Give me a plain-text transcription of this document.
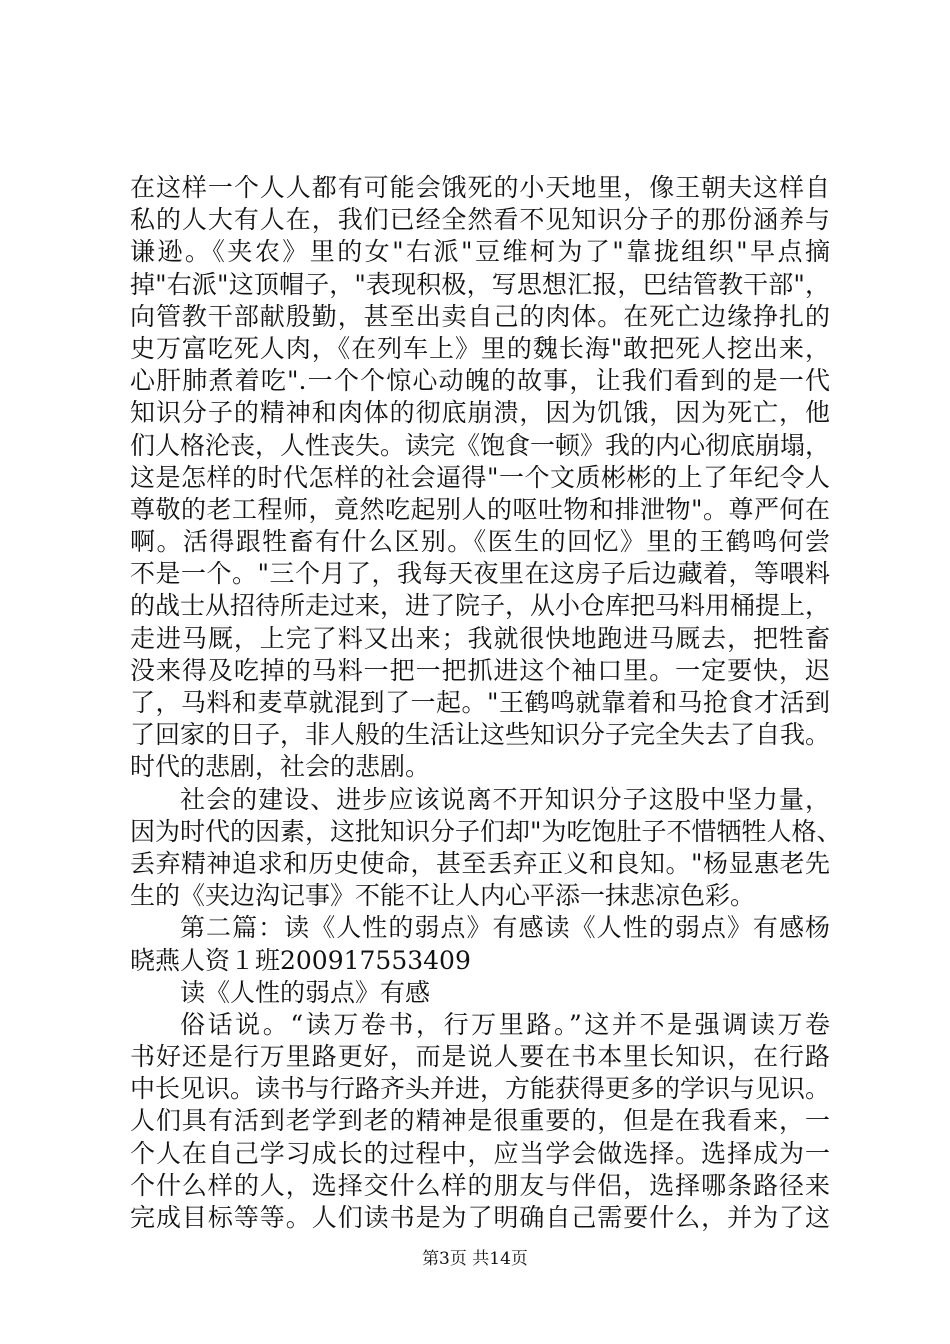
在这样一个人人都有可能会饿死的小天地里，像王朝夫这样自
私的人大有人在，我们已经全然看不见知识分子的那份涵养与
谦逊。《夹农》里的女"右派"豆维柯为了"靠拢组织"早点摘
掉"右派"这顶帽子，"表现积极，写思想汇报，巴结管教干部"，
向管教干部献殷勤，甚至出卖自己的肉体。在死亡边缘挣扎的
史万富吃死人肉，《在列车上》里的魏长海"敢把死人挖出来，
心肝肺煮着吃".一个个惊心动魄的故事，让我们看到的是一代
知识分子的精神和肉体的彻底崩溃，因为饥饿，因为死亡，他
们人格沦丧，人性丧失。读完《饱食一顿》我的内心彻底崩塌，
这是怎样的时代怎样的社会逼得"一个文质彬彬的上了年纪令人
尊敬的老工程师，竟然吃起别人的呕吐物和排泄物"。尊严何在
啊。活得跟牲畜有什么区别。《医生的回忆》里的王鹤鸣何尝
不是一个。"三个月了，我每天夜里在这房子后边藏着，等喂料
的战士从招待所走过来，进了院子，从小仓库把马料用桶提上，
走进马厩，上完了料又出来；我就很快地跑进马厩去，把牲畜
没来得及吃掉的马料一把一把抓进这个袖口里。一定要快，迟
了，马料和麦草就混到了一起。"王鹤鸣就靠着和马抢食才活到
了回家的日子，非人般的生活让这些知识分子完全失去了自我。
时代的悲剧，社会的悲剧。
社会的建设、进步应该说离不开知识分子这股中坚力量，
因为时代的因素，这批知识分子们却"为吃饱肚子不惜牺牲人格、
丢弃精神追求和历史使命，甚至丢弃正义和良知。"杨显惠老先
生的《夹边沟记事》不能不让人内心平添一抹悲凉色彩。
第二篇：读《人性的弱点》有感读《人性的弱点》有感杨
晓燕人资１班200917553409
读《人性的弱点》有感
俗话说。“读万卷书，行万里路。”这并不是强调读万卷
书好还是行万里路更好，而是说人要在书本里长知识，在行路
中长见识。读书与行路齐头并进，方能获得更多的学识与见识。
人们具有活到老学到老的精神是很重要的，但是在我看来，一
个人在自己学习成长的过程中，应当学会做选择。选择成为一
个什么样的人，选择交什么样的朋友与伴侣，选择哪条路径来
完成目标等等。人们读书是为了明确自己需要什么，并为了这
第3页 共14页
